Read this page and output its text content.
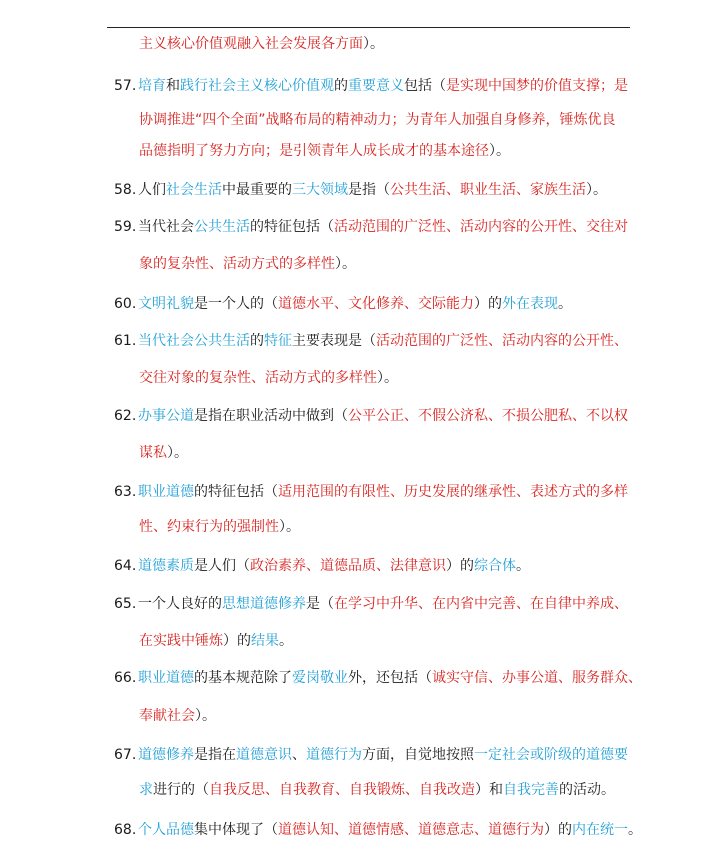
主义核心价值观融入社会发展各方面）。
57. 培育和践行社会主义核心价值观的重要意义包括（是实现中国梦的价值支撑；是
协调推进“四个全面”战略布局的精神动力；为青年人加强自身修养，锤炼优良
品德指明了努力方向；是引领青年人成长成才的基本途径）。
58. 人们社会生活中最重要的三大领域是指（公共生活、职业生活、家族生活）。
59. 当代社会公共生活的特征包括（活动范围的广泛性、活动内容的公开性、交往对
象的复杂性、活动方式的多样性）。
60. 文明礼貌是一个人的（道德水平、文化修养、交际能力）的外在表现。
61. 当代社会公共生活的特征主要表现是（活动范围的广泛性、活动内容的公开性、
交往对象的复杂性、活动方式的多样性）。
62. 办事公道是指在职业活动中做到（公平公正、不假公济私、不损公肥私、不以权
谋私）。
63. 职业道德的特征包括（适用范围的有限性、历史发展的继承性、表述方式的多样
性、约束行为的强制性）。
64. 道德素质是人们（政治素养、道德品质、法律意识）的综合体。
65. 一个人良好的思想道德修养是（在学习中升华、在内省中完善、在自律中养成、
在实践中锤炼）的结果。
66. 职业道德的基本规范除了爱岗敬业外，还包括（诚实守信、办事公道、服务群众、
奉献社会）。
67. 道德修养是指在道德意识、道德行为方面，自觉地按照一定社会或阶级的道德要
求进行的（自我反思、自我教育、自我锻炼、自我改造）和自我完善的活动。
68. 个人品德集中体现了（道德认知、道德情感、道德意志、道德行为）的内在统一。
